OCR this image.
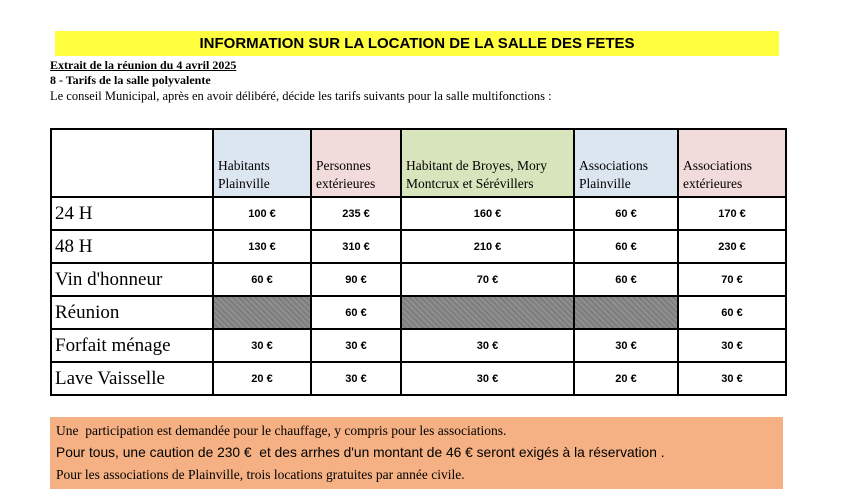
INFORMATION SUR LA LOCATION DE LA SALLE DES FETES
Extrait de la réunion du 4 avril 2025
8 - Tarifs de la salle polyvalente
Le conseil Municipal, après en avoir délibéré, décide les tarifs suivants pour la salle multifonctions :
	Habitants Plainville	Personnes extérieures	Habitant de Broyes, Mory Montcrux et Sérévillers	Associations Plainville	Associations extérieures
24 H	100 €	235 €	160 €	60 €	170 €
48 H	130 €	310 €	210 €	60 €	230 €
Vin d'honneur	60 €	90 €	70 €	60 €	70 €
Réunion		60 €			60 €
Forfait ménage	30 €	30 €	30 €	30 €	30 €
Lave Vaisselle	20 €	30 €	30 €	20 €	30 €
Une  participation est demandée pour le chauffage, y compris pour les associations.
Pour tous, une caution de 230 €  et des arrhes d'un montant de 46 € seront exigés à la réservation .
Pour les associations de Plainville, trois locations gratuites par année civile.
